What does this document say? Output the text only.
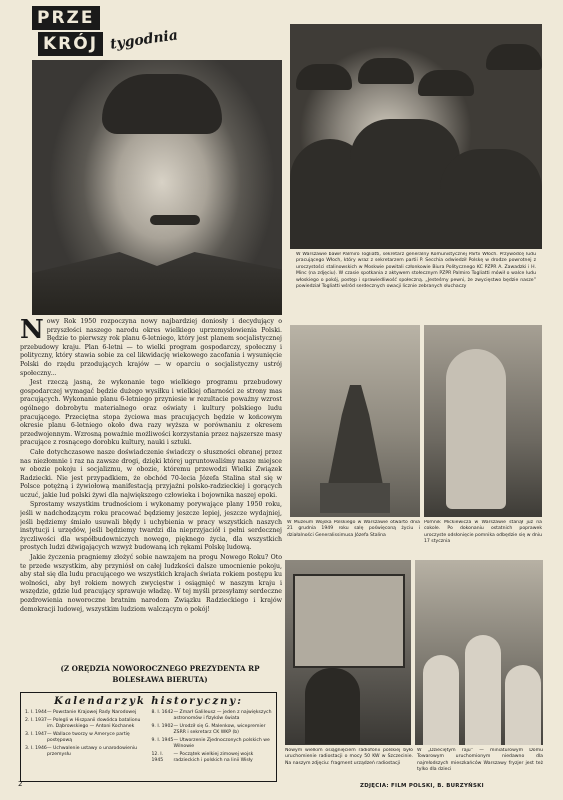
PRZE
KRÓJ tygodnia
W Warszawie bawił Palmiro Togliatti, sekretarz generalny Komunistycznej Partii Włoch. Przywódcę ludu pracującego Włoch, który wraz z sekretarzem partii P. Secchia odwiedził Polskę w drodze powrotnej z uroczystości stalinowskich w Moskwie powitali członkowie Biura Politycznego KC PZPR A. Zawadzki i H. Minc (na zdjęciu). W czasie spotkania z aktywem stołecznym PZPR Palmiro Togliatti mówił o walce ludu włoskiego o pokój, postęp i sprawiedliwość społeczną. „Jesteśmy pewni, że zwycięstwo będzie nasze” powiedział Togliatti wśród serdecznych owacji licznie zebranych słuchaczy
W Muzeum Wojska Polskiego w Warszawie otwarto dnia 21 grudnia 1949 roku salę poświęconą życiu i działalności Generalissimusa Józefa Stalina
Pomnik Mickiewicza w Warszawie stanął już na cokole. Po dokonaniu ostatnich poprawek uroczyste odsłonięcie pomnika odbędzie się w dniu 17 stycznia
Nowym wielkim osiągnięciem radiofonii polskiej było uruchomienie radiostacji o mocy 50 KW w Szczecinie. Na naszym zdjęciu: fragment urządzeń radiostacji
W „Dzieciętym raju” — miniaturowym Domu Towarowym uruchomionym niedawno dla najmłodszych mieszkańców Warszawy fryzjer jest też tylko dla dzieci

Nowy Rok 1950 rozpoczyna nowy najbardziej doniosły i decydujący o przyszłości naszego narodu okres wielkiego uprzemysłowienia Polski. Będzie to pierwszy rok planu 6-letniego, który jest planem socjalistycznej przebudowy kraju. Plan 6-letni — to wielki program gospodarczy, społeczny i polityczny, który stawia sobie za cel likwidację wiekowego zacofania i wysunięcie Polski do rzędu przodujących krajów — w oparciu o socjalistyczny ustrój społeczny...

Jest rzeczą jasną, że wykonanie tego wielkiego programu przebudowy gospodarczej wymagać będzie dużego wysiłku i wielkiej ofiarności ze strony mas pracujących. Wykonanie planu 6-letniego przyniesie w rezultacie poważny wzrost ogólnego dobrobytu materialnego oraz oświaty i kultury polskiego ludu pracującego. Przeciętna stopa życiowa mas pracujących będzie w końcowym okresie planu 6-letniego około dwa razy wyższa w porównaniu z okresem przedwojennym. Wzrosną powaźnie możliwości korzystania przez najszersze masy pracujące z rosnącego dorobku kultury, nauki i sztuki.

Całe dotychczasowe nasze doświadczenie świadczy o słuszności obranej przez nas niezłomnie i raz na zawsze drogi, dzięki której ugruntowaliśmy nasze miejsce w obozie pokoju i socjalizmu, w obozie, któremu przewodzi Wielki Związek Radziecki. Nie jest przypadkiem, że obchód 70-lecia Józefa Stalina stał się w Polsce potężną i żywiołową manifestacją przyjaźni polsko-radzieckiej i gorących uczuć, jakie lud polski żywi dla największego człowieka i bojownika naszej epoki.

Sprostamy wszystkim trudnościom i wykonamy porywające plany 1950 roku, jeśli w nadchodzącym roku pracować będziemy jeszcze lepiej, jeszcze wydajniej, jeśli będziemy śmiało usuwali błędy i uchybienia w pracy wszystkich naszych instytucji i urzędów, jeśli będziemy twardzi dla nieprzyjaciół i pełni serdecznej życzliwości dla współbudowniczych nowego, pięknego życia, dla wszystkich prostych ludzi dźwigających wzwyż budowaną ich rękami Polskę ludową.

Jakie życzenia pragniemy złożyć sobie nawzajem na progu Nowego Roku? Oto te przede wszystkim, aby przyniósł on całej ludzkości dalsze umocnienie pokoju, aby stał się dla ludu pracującego we wszystkich krajach świata rokiem postępu ku wolności, aby był rokiem nowych zwycięstw i osiągnięć w naszym kraju i wszędzie, gdzie lud pracujący sprawuje władzę. W tej myśli przesyłamy serdeczne pozdrowienia noworoczne bratnim narodom Związku Radzieckiego i krajów demokracji ludowej, wszystkim ludziom walczącym o pokój!

(Z ORĘDZIA NOWOROCZNEGO PREZYDENTA RP
BOLESŁAWA BIERUTA)
Kalendarzyk historyczny:
1. I. 1944 — Powstanie Krajowej Rady Narodowej
2. I. 1937 — Polegli w Hiszpanii dowódca batalionu im. Dąbrowskiego — Antoni Kochanek
3. I. 1947 — Wallace tworzy w Ameryce partię postępową
3. I. 1946 — Uchwalenie ustawy o unarodowieniu przemysłu
8. I. 1642 — Zmarł Galileusz — jeden z największych astronomów i fizyków świata
9. I. 1902 — Urodził się G. Malenkow, wicepremier ZSRR i sekretarz CK WKP (b)
9. I. 1945 — Utworzenie Zjednoczonych polskich we Wilnowie
12. I. 1945
— Początek wielkiej zimowej wojsk radzieckich i polskich na linii Wisły
2	ZDJĘCIA: FILM POLSKI, B. BURZYŃSKI
